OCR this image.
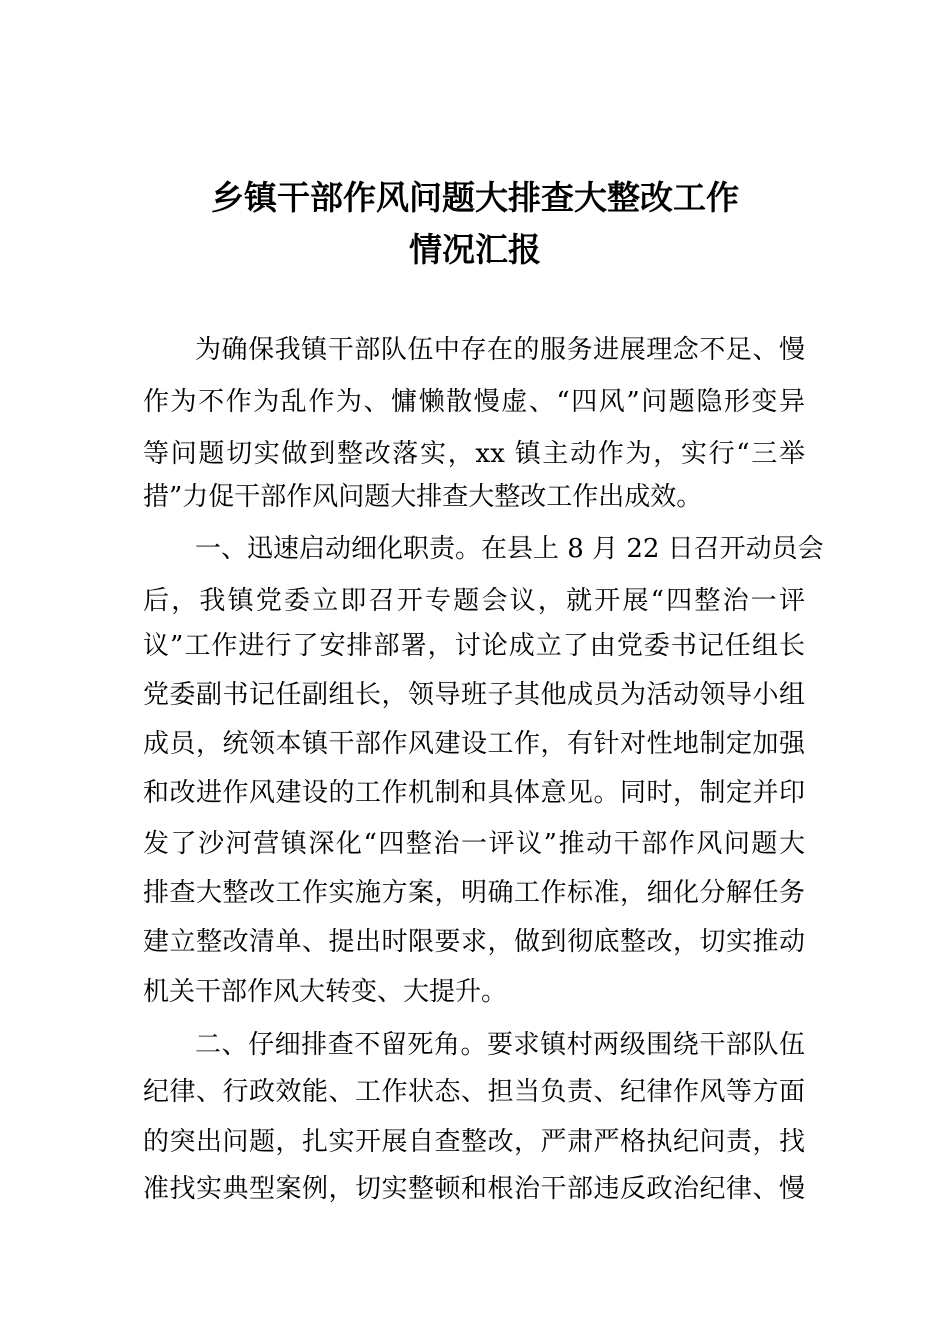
乡镇干部作风问题大排查大整改工作
情况汇报
为确保我镇干部队伍中存在的服务进展理念不足、慢
作为不作为乱作为、慵懒散慢虚、“四风”问题隐形变异
等问题切实做到整改落实，xx 镇主动作为，实行“三举
措”力促干部作风问题大排查大整改工作出成效。
一、迅速启动细化职责。在县上 8 月 22 日召开动员会
后，我镇党委立即召开专题会议，就开展“四整治一评
议”工作进行了安排部署，讨论成立了由党委书记任组长
党委副书记任副组长，领导班子其他成员为活动领导小组
成员，统领本镇干部作风建设工作，有针对性地制定加强
和改进作风建设的工作机制和具体意见。同时，制定并印
发了沙河营镇深化“四整治一评议”推动干部作风问题大
排查大整改工作实施方案，明确工作标准，细化分解任务
建立整改清单、提出时限要求，做到彻底整改，切实推动
机关干部作风大转变、大提升。
二、仔细排查不留死角。要求镇村两级围绕干部队伍
纪律、行政效能、工作状态、担当负责、纪律作风等方面
的突出问题，扎实开展自查整改，严肃严格执纪问责，找
准找实典型案例，切实整顿和根治干部违反政治纪律、慢
